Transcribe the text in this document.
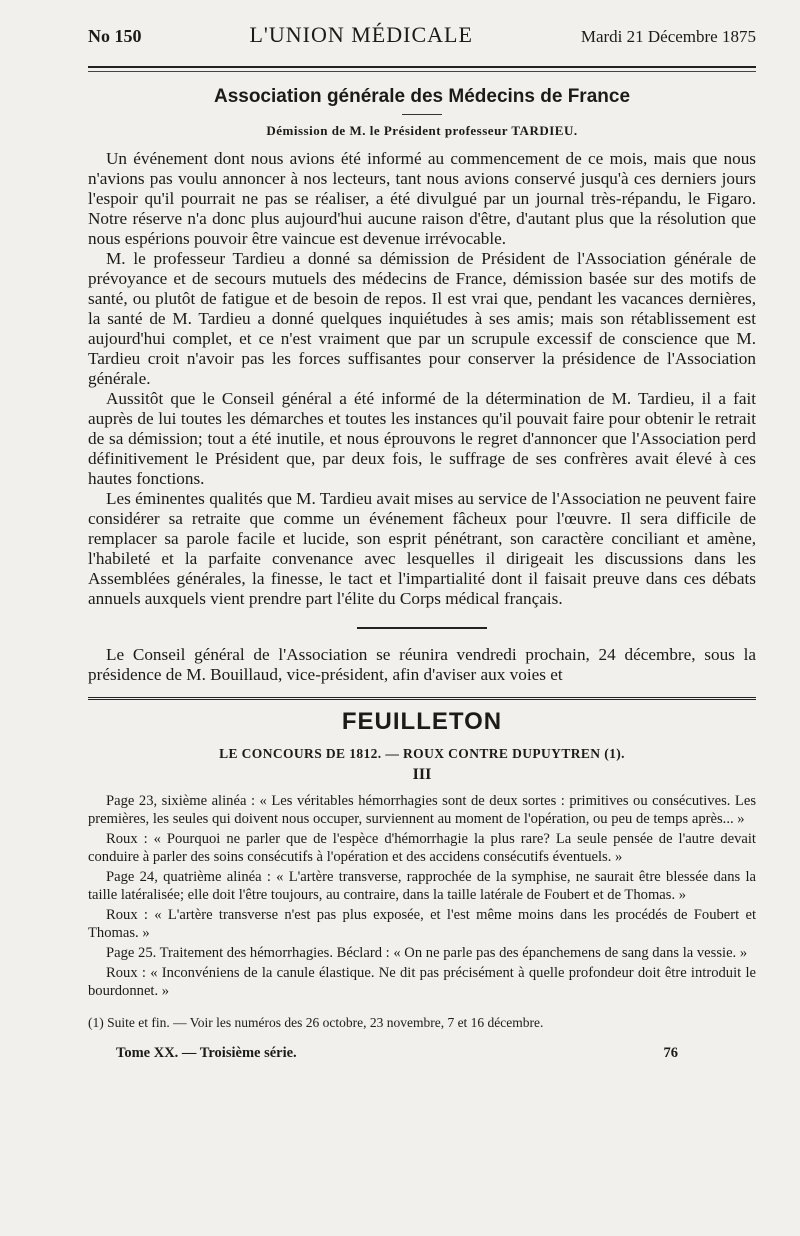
No 150	L'UNION MÉDICALE	Mardi 21 Décembre 1875
Association générale des Médecins de France
Démission de M. le Président professeur TARDIEU.

Un événement dont nous avions été informé au commencement de ce mois, mais que nous n'avions pas voulu annoncer à nos lecteurs, tant nous avions conservé jusqu'à ces derniers jours l'espoir qu'il pourrait ne pas se réaliser, a été divulgué par un journal très-répandu, le Figaro. Notre réserve n'a donc plus aujourd'hui aucune raison d'être, d'autant plus que la résolution que nous espérions pouvoir être vaincue est devenue irrévocable.

M. le professeur Tardieu a donné sa démission de Président de l'Association générale de prévoyance et de secours mutuels des médecins de France, démission basée sur des motifs de santé, ou plutôt de fatigue et de besoin de repos. Il est vrai que, pendant les vacances dernières, la santé de M. Tardieu a donné quelques inquiétudes à ses amis; mais son rétablissement est aujourd'hui complet, et ce n'est vraiment que par un scrupule excessif de conscience que M. Tardieu croit n'avoir pas les forces suffisantes pour conserver la présidence de l'Association générale.

Aussitôt que le Conseil général a été informé de la détermination de M. Tardieu, il a fait auprès de lui toutes les démarches et toutes les instances qu'il pouvait faire pour obtenir le retrait de sa démission; tout a été inutile, et nous éprouvons le regret d'annoncer que l'Association perd définitivement le Président que, par deux fois, le suffrage de ses confrères avait élevé à ces hautes fonctions.

Les éminentes qualités que M. Tardieu avait mises au service de l'Association ne peuvent faire considérer sa retraite que comme un événement fâcheux pour l'œuvre. Il sera difficile de remplacer sa parole facile et lucide, son esprit pénétrant, son caractère conciliant et amène, l'habileté et la parfaite convenance avec lesquelles il dirigeait les discussions dans les Assemblées générales, la finesse, le tact et l'impartialité dont il faisait preuve dans ces débats annuels auxquels vient prendre part l'élite du Corps médical français.

Le Conseil général de l'Association se réunira vendredi prochain, 24 décembre, sous la présidence de M. Bouillaud, vice-président, afin d'aviser aux voies et

FEUILLETON
LE CONCOURS DE 1812. — ROUX CONTRE DUPUYTREN (1).
III

Page 23, sixième alinéa : « Les véritables hémorrhagies sont de deux sortes : primitives ou consécutives. Les premières, les seules qui doivent nous occuper, surviennent au moment de l'opération, ou peu de temps après... »

Roux : « Pourquoi ne parler que de l'espèce d'hémorrhagie la plus rare? La seule pensée de l'autre devait conduire à parler des soins consécutifs à l'opération et des accidens consécutifs éventuels. »

Page 24, quatrième alinéa : « L'artère transverse, rapprochée de la symphise, ne saurait être blessée dans la taille latéralisée; elle doit l'être toujours, au contraire, dans la taille latérale de Foubert et de Thomas. »

Roux : « L'artère transverse n'est pas plus exposée, et l'est même moins dans les procédés de Foubert et Thomas. »

Page 25. Traitement des hémorrhagies. Béclard : « On ne parle pas des épanchemens de sang dans la vessie. »

Roux : « Inconvéniens de la canule élastique. Ne dit pas précisément à quelle profondeur doit être introduit le bourdonnet. »

(1) Suite et fin. — Voir les numéros des 26 octobre, 23 novembre, 7 et 16 décembre.
Tome XX. — Troisième série.	76
